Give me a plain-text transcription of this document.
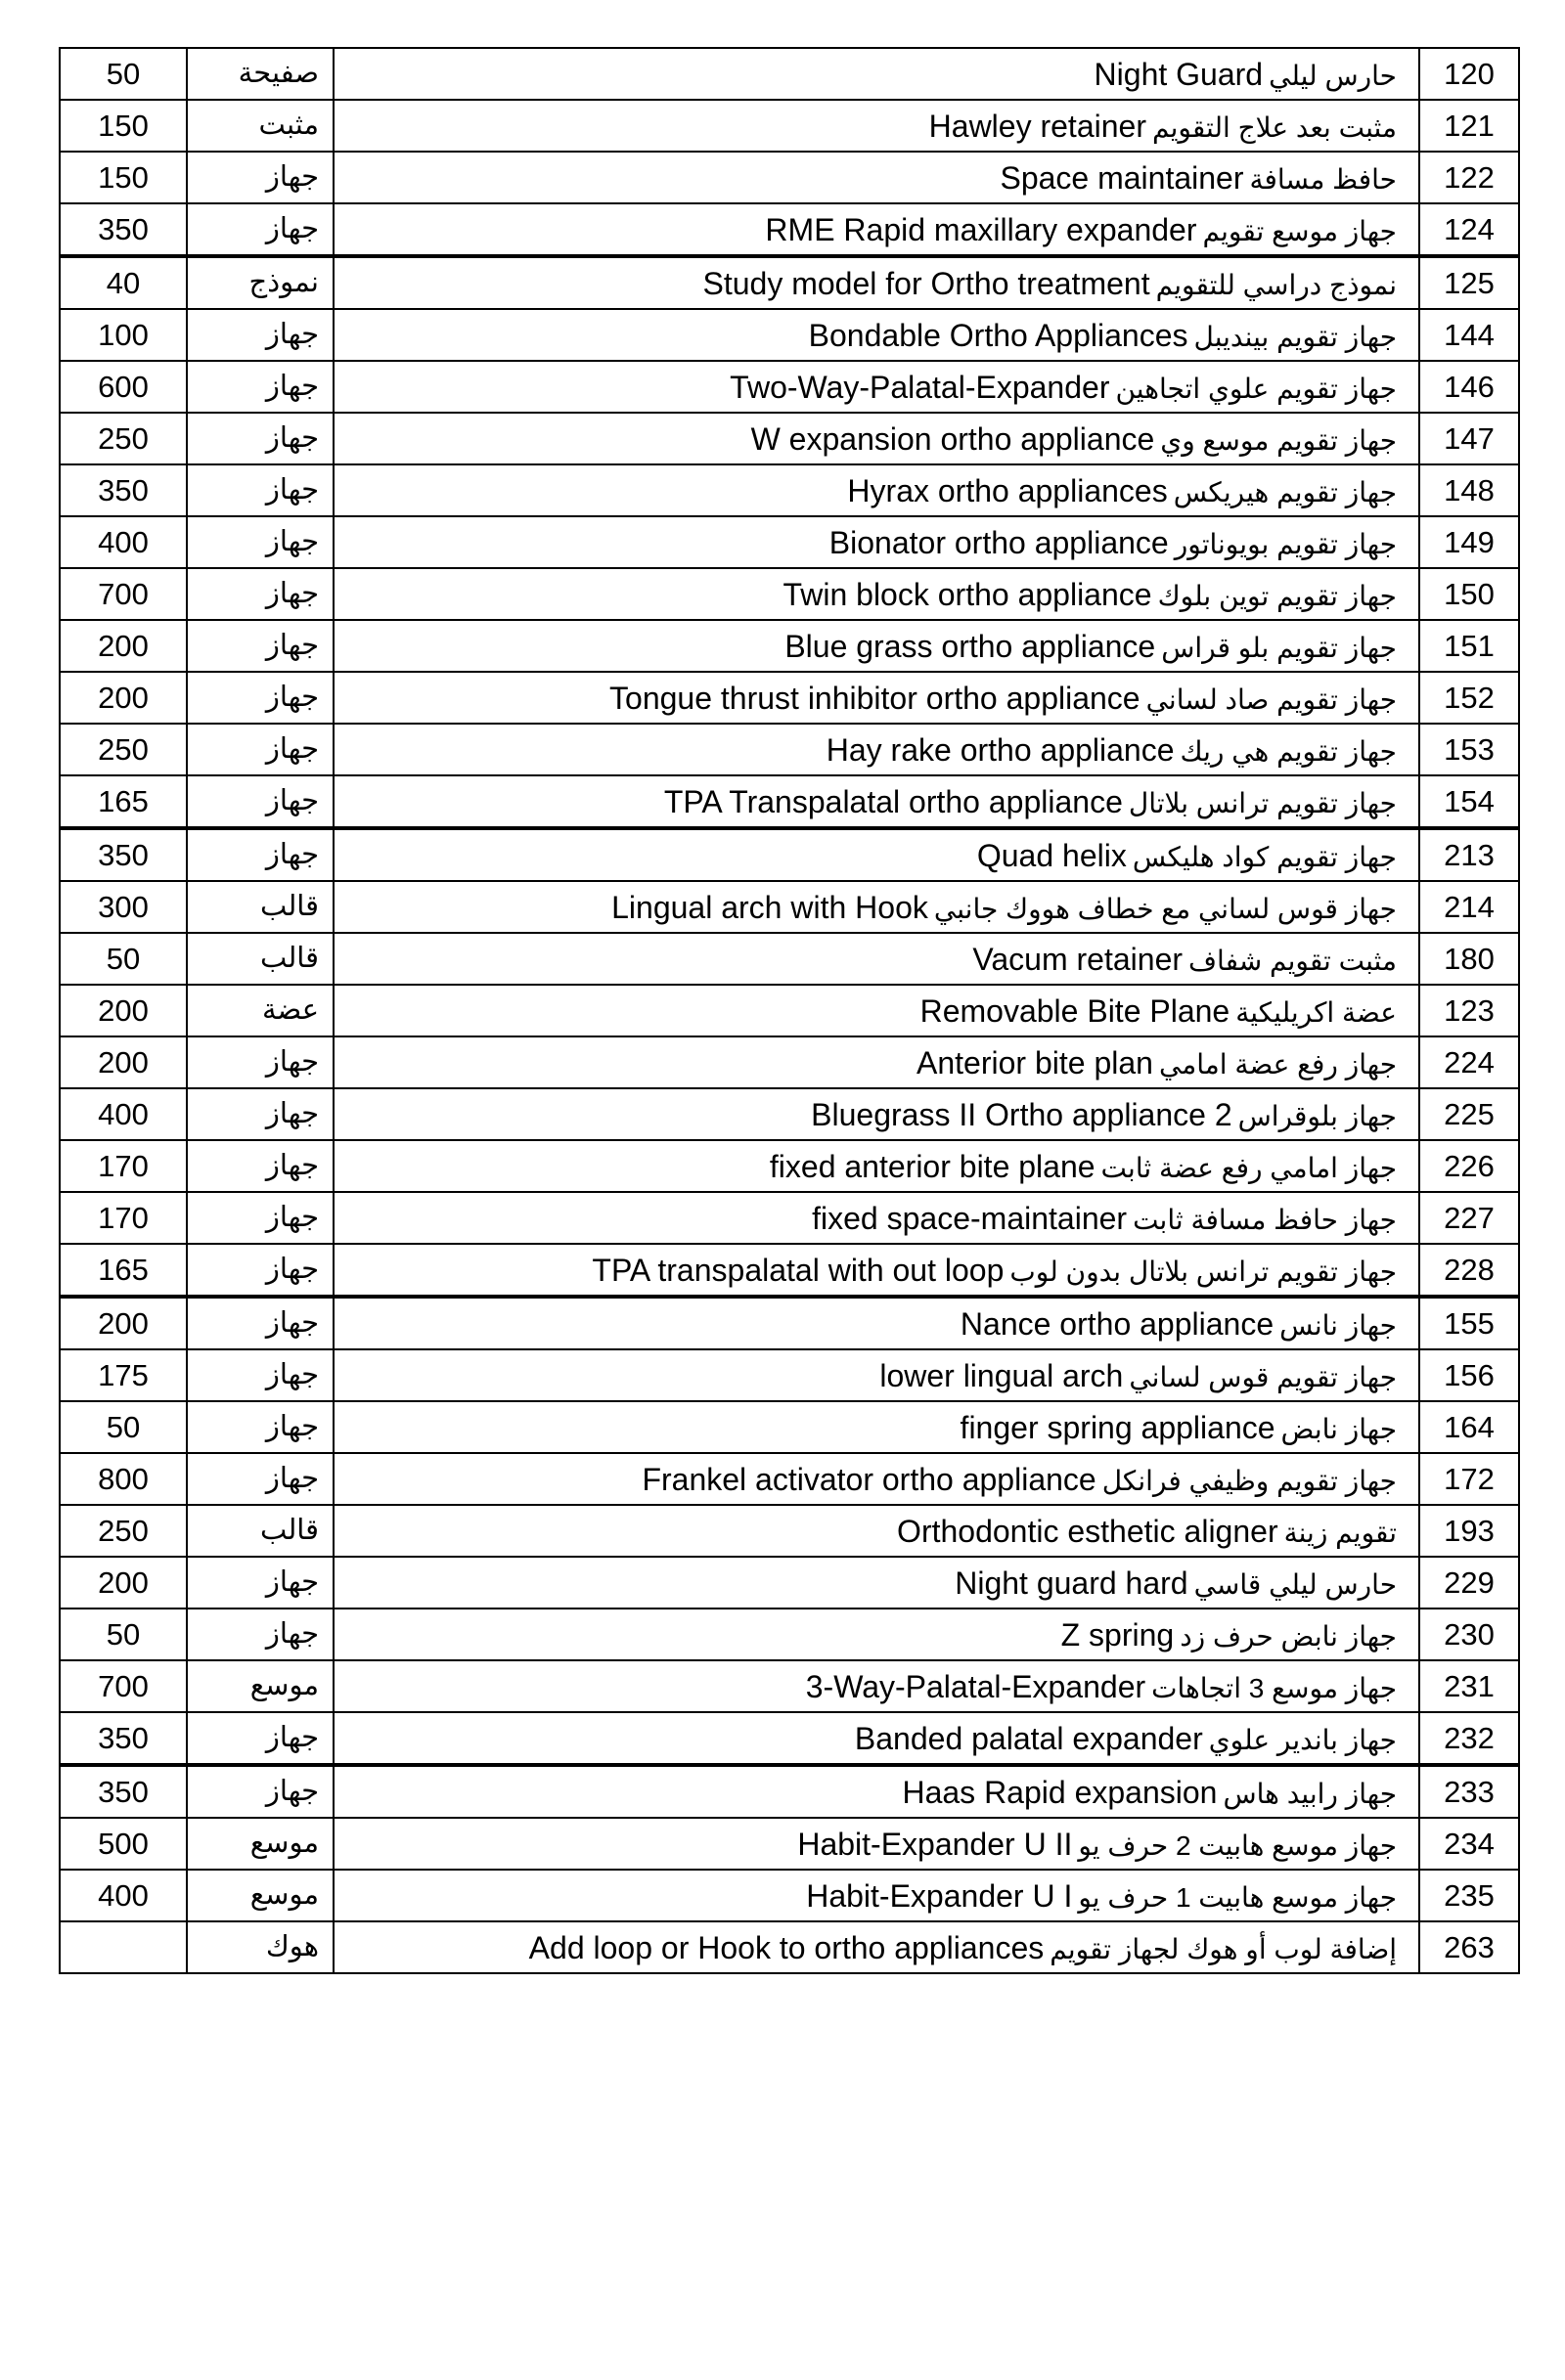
50	صفيحة	Night Guard حارس ليلي	120
150	مثبت	Hawley retainer مثبت بعد علاج التقويم	121
150	جهاز	Space maintainer حافظ مسافة	122
350	جهاز	RME Rapid maxillary expander جهاز موسع تقويم	124
40	نموذج	Study model for Ortho treatment نموذج دراسي للتقويم	125
100	جهاز	Bondable Ortho Appliances جهاز تقويم بينديبل	144
600	جهاز	Two-Way-Palatal-Expander جهاز تقويم علوي اتجاهين	146
250	جهاز	W expansion ortho appliance جهاز تقويم موسع وي	147
350	جهاز	Hyrax ortho appliances جهاز تقويم هيريكس	148
400	جهاز	Bionator ortho appliance جهاز تقويم بويوناتور	149
700	جهاز	Twin block ortho appliance جهاز تقويم توين بلوك	150
200	جهاز	Blue grass ortho appliance جهاز تقويم بلو قراس	151
200	جهاز	Tongue thrust inhibitor ortho appliance جهاز تقويم صاد لساني	152
250	جهاز	Hay rake ortho appliance جهاز تقويم هي ريك	153
165	جهاز	TPA Transpalatal ortho appliance جهاز تقويم ترانس بلاتال	154
350	جهاز	Quad helix جهاز تقويم كواد هليكس	213
300	قالب	Lingual arch with Hook جهاز قوس لساني مع خطاف هووك جانبي	214
50	قالب	Vacum retainer مثبت تقويم شفاف	180
200	عضة	Removable Bite Plane عضة اكريليكية	123
200	جهاز	Anterior bite plan جهاز رفع عضة امامي	224
400	جهاز	Bluegrass II Ortho appliance 2 جهاز بلوقراس	225
170	جهاز	fixed anterior bite plane جهاز امامي رفع عضة ثابت	226
170	جهاز	fixed space-maintainer جهاز حافظ مسافة ثابت	227
165	جهاز	TPA transpalatal with out loop جهاز تقويم ترانس بلاتال بدون لوب	228
200	جهاز	Nance ortho appliance جهاز نانس	155
175	جهاز	lower lingual arch جهاز تقويم قوس لساني	156
50	جهاز	finger spring appliance جهاز نابض	164
800	جهاز	Frankel activator ortho appliance جهاز تقويم وظيفي فرانكل	172
250	قالب	Orthodontic esthetic aligner تقويم زينة	193
200	جهاز	Night guard hard حارس ليلي قاسي	229
50	جهاز	Z spring جهاز نابض حرف زد	230
700	موسع	3-Way-Palatal-Expander جهاز موسع 3 اتجاهات	231
350	جهاز	Banded palatal expander جهاز باندير علوي	232
350	جهاز	Haas Rapid expansion جهاز رابيد هاس	233
500	موسع	Habit-Expander U II جهاز موسع هابيت 2 حرف يو	234
400	موسع	Habit-Expander U I جهاز موسع هابيت 1 حرف يو	235
	هوك	Add loop or Hook to ortho appliances إضافة لوب أو هوك لجهاز تقويم	263
